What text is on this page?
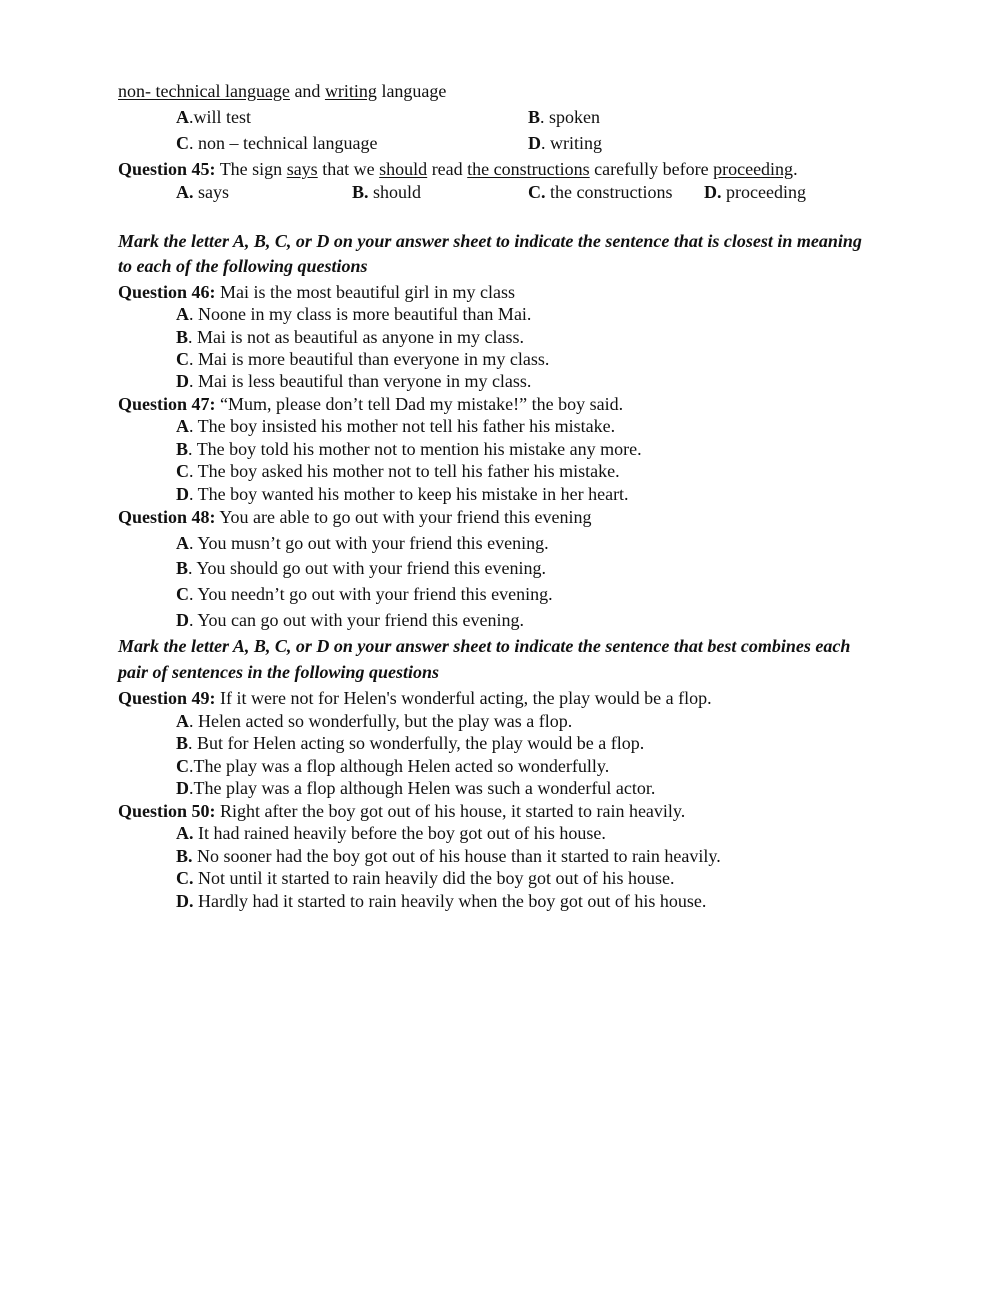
non- technical language and writing language
A.will test	B. spoken
C. non – technical language	D. writing
Question 45: The sign says that we should read the constructions carefully before proceeding.
A. says	B. should	C. the constructions D. proceeding
Mark the letter A, B, C, or D on your answer sheet to indicate the sentence that is closest in meaning
to each of the following questions
Question 46: Mai is the most beautiful girl in my class
A. Noone in my class is more beautiful than Mai.
B. Mai is not as beautiful as anyone in my class.
C. Mai is more beautiful than everyone in my class.
D. Mai is less beautiful than veryone in my class.
Question 47: “Mum, please don’t tell Dad my mistake!” the boy said.
A. The boy insisted his mother not tell his father his mistake.
B. The boy told his mother not to mention his mistake any more.
C. The boy asked his mother not to tell his father his mistake.
D. The boy wanted his mother to keep his mistake in her heart.
Question 48: You are able to go out with your friend this evening
A. You musn’t go out with your friend this evening.
B. You should go out with your friend this evening.
C. You needn’t go out with your friend this evening.
D. You can go out with your friend this evening.
Mark the letter A, B, C, or D on your answer sheet to indicate the sentence that best combines each
pair of sentences in the following questions
Question 49: If it were not for Helen's wonderful acting, the play would be a flop.
A. Helen acted so wonderfully, but the play was a flop.
B. But for Helen acting so wonderfully, the play would be a flop.
C.The play was a flop although Helen acted so wonderfully.
D.The play was a flop although Helen was such a wonderful actor.
Question 50: Right after the boy got out of his house, it started to rain heavily.
A. It had rained heavily before the boy got out of his house.
B. No sooner had the boy got out of his house than it started to rain heavily.
C. Not until it started to rain heavily did the boy got out of his house.
D. Hardly had it started to rain heavily when the boy got out of his house.
